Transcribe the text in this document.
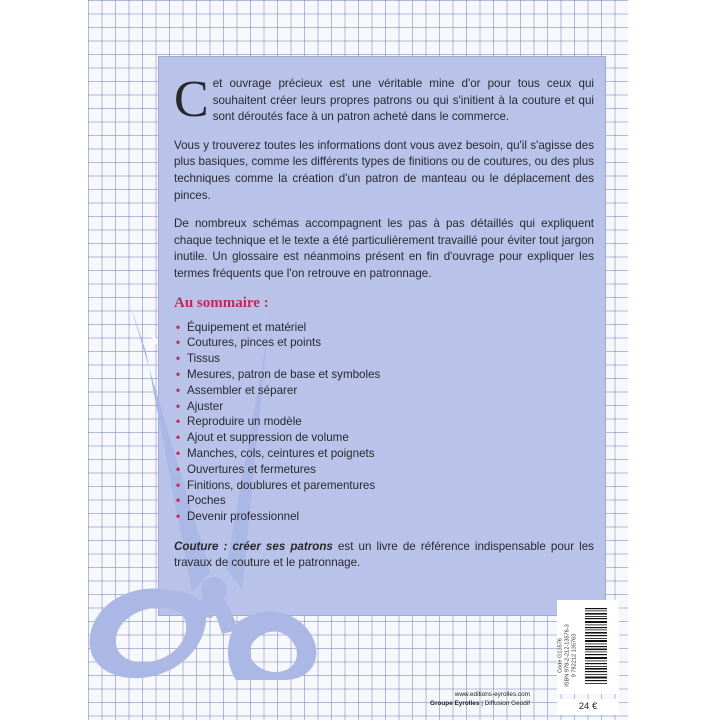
Cet ouvrage précieux est une véritable mine d'or pour tous ceux qui souhaitent créer leurs propres patrons ou qui s'initient à la couture et qui sont déroutés face à un patron acheté dans le commerce.

Vous y trouverez toutes les informations dont vous avez besoin, qu'il s'agisse des plus basiques, comme les différents types de finitions ou de coutures, ou des plus techniques comme la création d'un patron de manteau ou le déplacement des pinces.

De nombreux schémas accompagnent les pas à pas détaillés qui expliquent chaque technique et le texte a été particulièrement travaillé pour éviter tout jargon inutile. Un glossaire est néanmoins présent en fin d'ouvrage pour expliquer les termes fréquents que l'on retrouve en patronnage.

Au sommaire :
• Équipement et matériel
• Coutures, pinces et points
• Tissus
• Mesures, patron de base et symboles
• Assembler et séparer
• Ajuster
• Reproduire un modèle
• Ajout et suppression de volume
• Manches, cols, ceintures et poignets
• Ouvertures et fermetures
• Finitions, doublures et parementures
• Poches
• Devenir professionnel

Couture : créer ses patrons est un livre de référence indispensable pour les travaux de couture et le patronnage.

Code G13576 ISBN 978-2-212-13576-3 9 782212 135763
www.editions-eyrolles.com
Groupe Eyrolles | Diffusion Geodif	24 €
